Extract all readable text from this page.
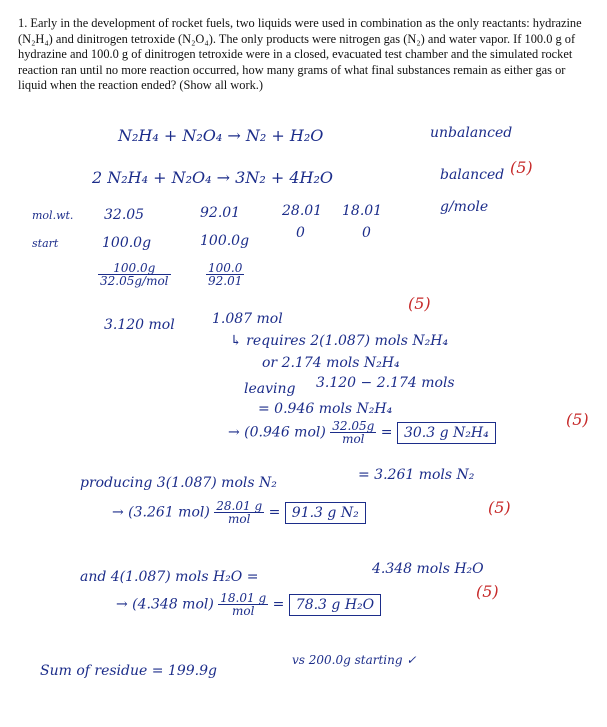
1. Early in the development of rocket fuels, two liquids were used in combination as the only reactants: hydrazine (N₂H₄) and dinitrogen tetroxide (N₂O₄). The only products were nitrogen gas (N₂) and water vapor. If 100.0 g of hydrazine and 100.0 g of dinitrogen tetroxide were in a closed, evacuated test chamber and the simulated rocket reaction ran until no more reaction occurred, how many grams of what final substances remain as either gas or liquid when the reaction ended? (Show all work.)
N₂H₄ + N₂O₄ → N₂ + H₂O	unbalanced
2 N₂H₄ + N₂O₄ → 3N₂ + 4H₂O	balanced (5)
mol.wt. 32.05	92.01	28.01 18.01	g/mole
start	100.0g	100.0g	0	0
$\frac{100.0g}{\text{32.05g/mol}}$	$\frac{100.0}{92.01}$
3.120 mol	1.087 mol
(5)
↳ requires 2(1.087) mols N₂H₄
or 2.174 mols N₂H₄
leaving 3.120 − 2.174 mols
= 0.946 mols N₂H₄
→ (0.946 $mol) \frac{32.05g}{\text{mol}} = 30.3$ g N₂H₄
(5)
producing 3(1.087) mols N₂	= 3.261 mols N₂
→ (3.261 $mol) \frac{28.01 g}{\text{mol}} = 91.3$ g N₂	(5)
and 4(1.087) mols H₂O =	4.348 mols H₂O
→ (4.348 $mol) \frac{18.01 g}{\text{mol}} = 78.3$ g H₂O
(5)
Sum of residue = 199.9g
vs 200.0g starting ✓
